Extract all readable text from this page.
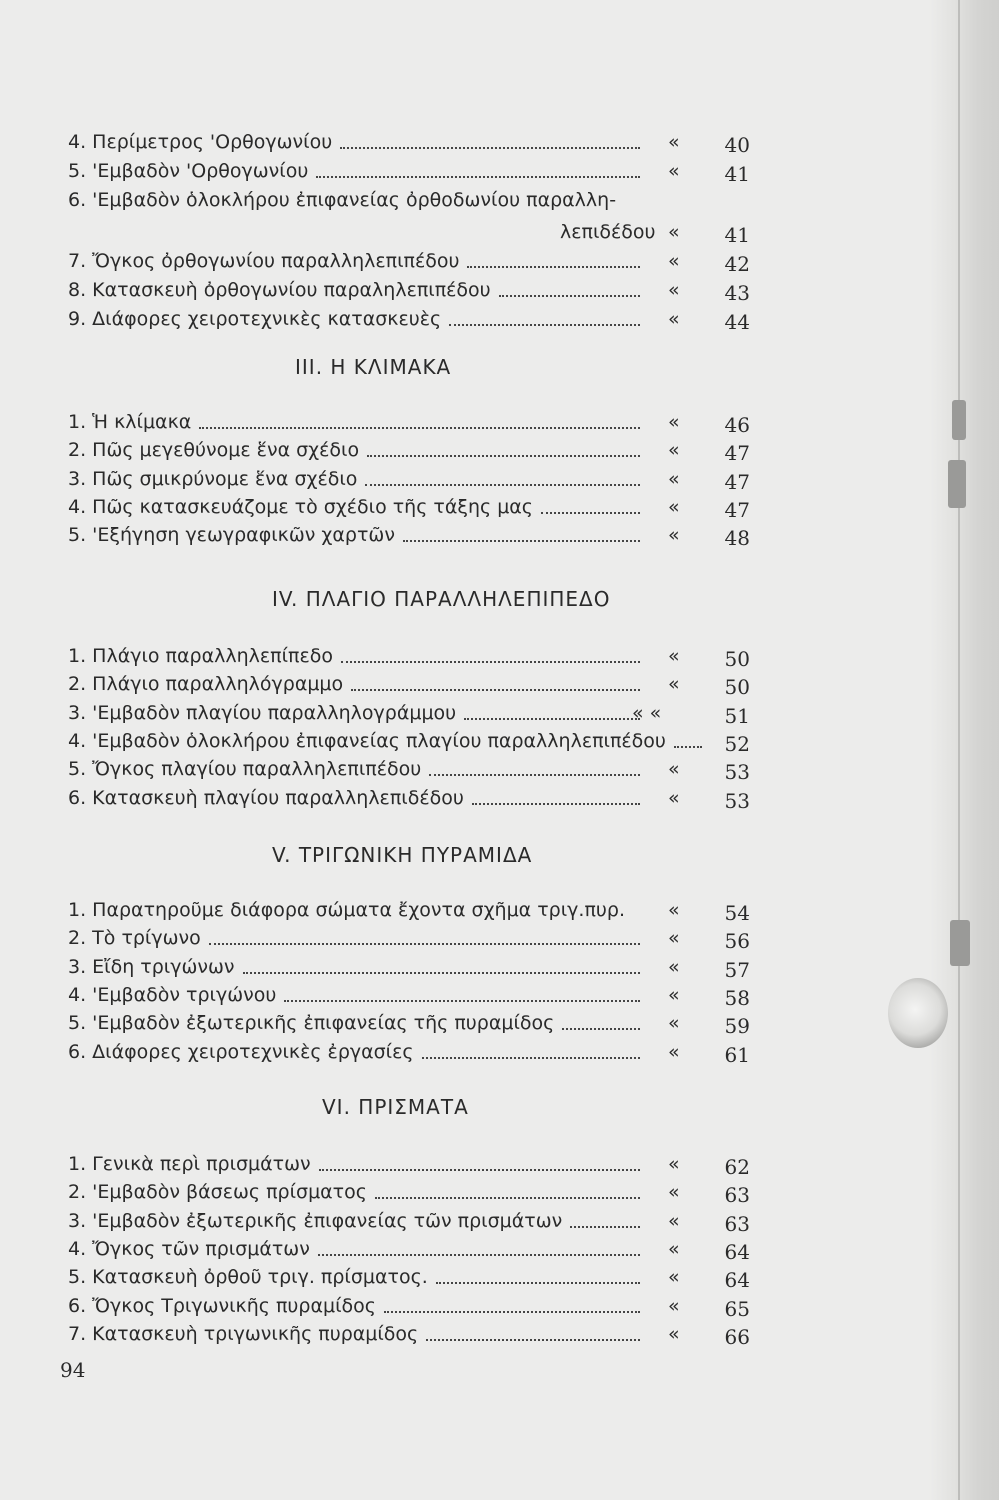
4. Περίμετρος 'Ορθογωνίου	«	40
5. 'Εμβαδὸν 'Ορθογωνίου	«	41
6. 'Εμβαδὸν ὁλοκλήρου ἐπιφανείας ὀρθοδωνίου παραλλη-
λεπιδέδου «	41
7. Ὄγκος ὀρθογωνίου παραλληλεπιπέδου	«	42
8. Κατασκευὴ ὀρθογωνίου παραληλεπιπέδου	«	43
9. Διάφορες χειροτεχνικὲς κατασκευὲς	«	44
ΙΙΙ. Η ΚΛΙΜΑΚΑ
1. Ἡ κλίμακα	«	46
2. Πῶς μεγεθύνομε ἕνα σχέδιο	«	47
3. Πῶς σμικρύνομε ἕνα σχέδιο	«	47
4. Πῶς κατασκευάζομε τὸ σχέδιο τῆς τάξης μας	«	47
5. 'Εξήγηση γεωγραφικῶν χαρτῶν	«	48
IV. ΠΛΑΓΙΟ ΠΑΡΑΛΛΗΛΕΠΙΠΕΔΟ
1. Πλάγιο παραλληλεπίπεδο	«	50
2. Πλάγιο παραλληλόγραμμο	«	50
3. 'Εμβαδὸν πλαγίου παραλληλογράμμου	« «	51
4. 'Εμβαδὸν ὁλοκλήρου ἐπιφανείας πλαγίου παραλληλεπιπέδου	52
5. Ὄγκος πλαγίου παραλληλεπιπέδου	«	53
6. Κατασκευὴ πλαγίου παραλληλεπιδέδου	«	53
V. ΤΡΙΓΩΝΙΚΗ ΠΥΡΑΜΙΔΑ
1. Παρατηροῦμε διάφορα σώματα ἔχοντα σχῆμα τριγ.πυρ. «	54
2. Τὸ τρίγωνο	«	56
3. Εἴδη τριγώνων	«	57
4. 'Εμβαδὸν τριγώνου	«	58
5. 'Εμβαδὸν ἐξωτερικῆς ἐπιφανείας τῆς πυραμίδος	«	59
6. Διάφορες χειροτεχνικὲς ἐργασίες	«	61
VI. ΠΡΙΣΜΑΤΑ
1. Γενικὰ περὶ πρισμάτων	«	62
2. 'Εμβαδὸν βάσεως πρίσματος	«	63
3. 'Εμβαδὸν ἐξωτερικῆς ἐπιφανείας τῶν πρισμάτων	«	63
4. Ὄγκος τῶν πρισμάτων	«	64
5. Κατασκευὴ ὀρθοῦ τριγ. πρίσματος.	«	64
6. Ὄγκος Τριγωνικῆς πυραμίδος	«	65
7. Κατασκευὴ τριγωνικῆς πυραμίδος	«	66
94
